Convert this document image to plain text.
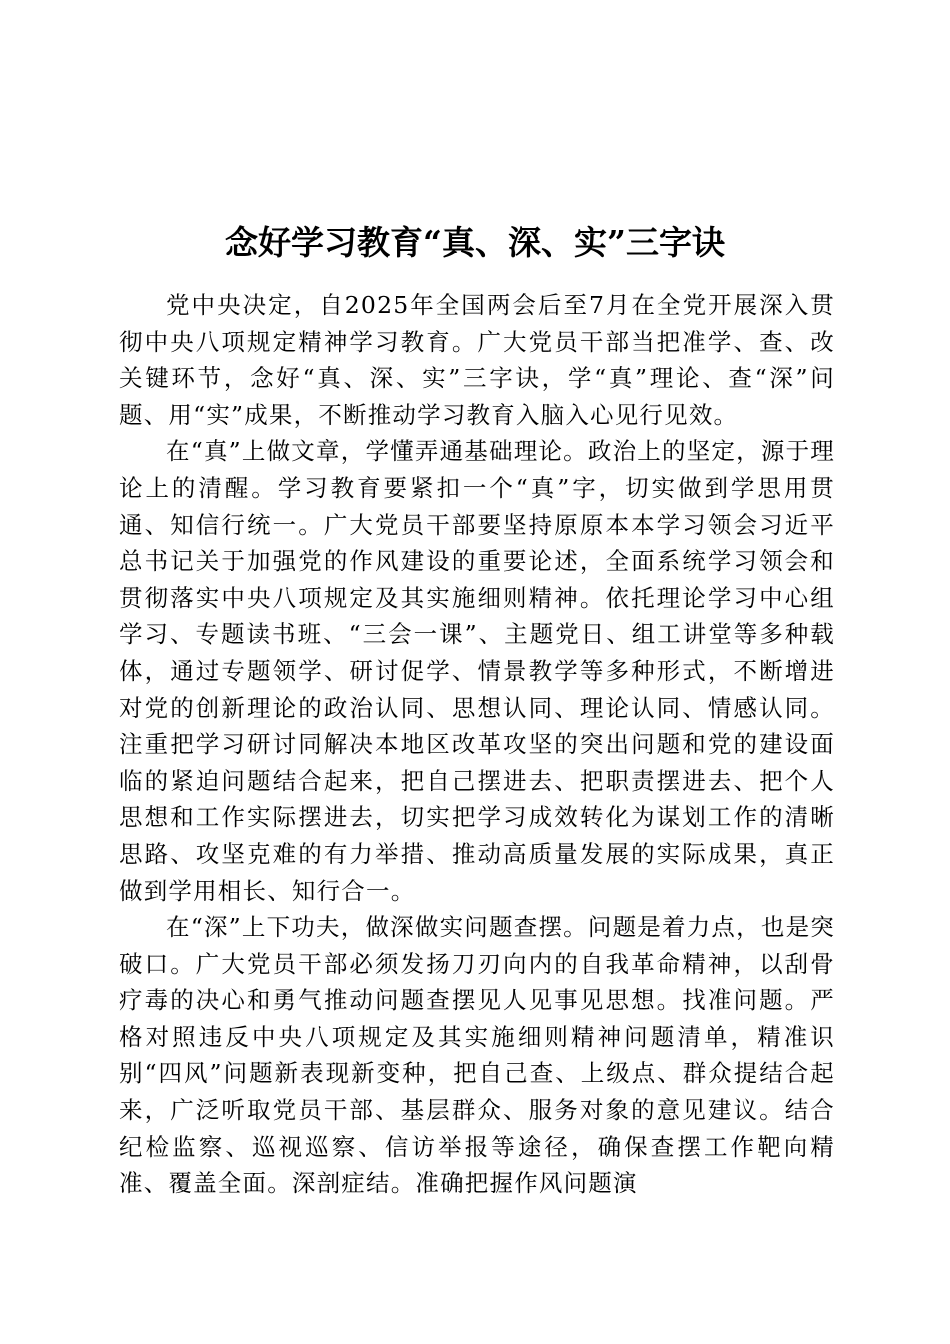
念好学习教育“真、深、实”三字诀

党中央决定，自2025年全国两会后至7月在全党开展深入贯彻中央八项规定精神学习教育。广大党员干部当把准学、查、改关键环节，念好“真、深、实”三字诀，学“真”理论、查“深”问题、用“实”成果，不断推动学习教育入脑入心见行见效。

在“真”上做文章，学懂弄通基础理论。政治上的坚定，源于理论上的清醒。学习教育要紧扣一个“真”字，切实做到学思用贯通、知信行统一。广大党员干部要坚持原原本本学习领会习近平总书记关于加强党的作风建设的重要论述，全面系统学习领会和贯彻落实中央八项规定及其实施细则精神。依托理论学习中心组学习、专题读书班、“三会一课”、主题党日、组工讲堂等多种载体，通过专题领学、研讨促学、情景教学等多种形式，不断增进对党的创新理论的政治认同、思想认同、理论认同、情感认同。注重把学习研讨同解决本地区改革攻坚的突出问题和党的建设面临的紧迫问题结合起来，把自己摆进去、把职责摆进去、把个人思想和工作实际摆进去，切实把学习成效转化为谋划工作的清晰思路、攻坚克难的有力举措、推动高质量发展的实际成果，真正做到学用相长、知行合一。

在“深”上下功夫，做深做实问题查摆。问题是着力点，也是突破口。广大党员干部必须发扬刀刃向内的自我革命精神，以刮骨疗毒的决心和勇气推动问题查摆见人见事见思想。找准问题。严格对照违反中央八项规定及其实施细则精神问题清单，精准识别“四风”问题新表现新变种，把自己查、上级点、群众提结合起来，广泛听取党员干部、基层群众、服务对象的意见建议。结合纪检监察、巡视巡察、信访举报等途径，确保查摆工作靶向精准、覆盖全面。深剖症结。准确把握作风问题演
